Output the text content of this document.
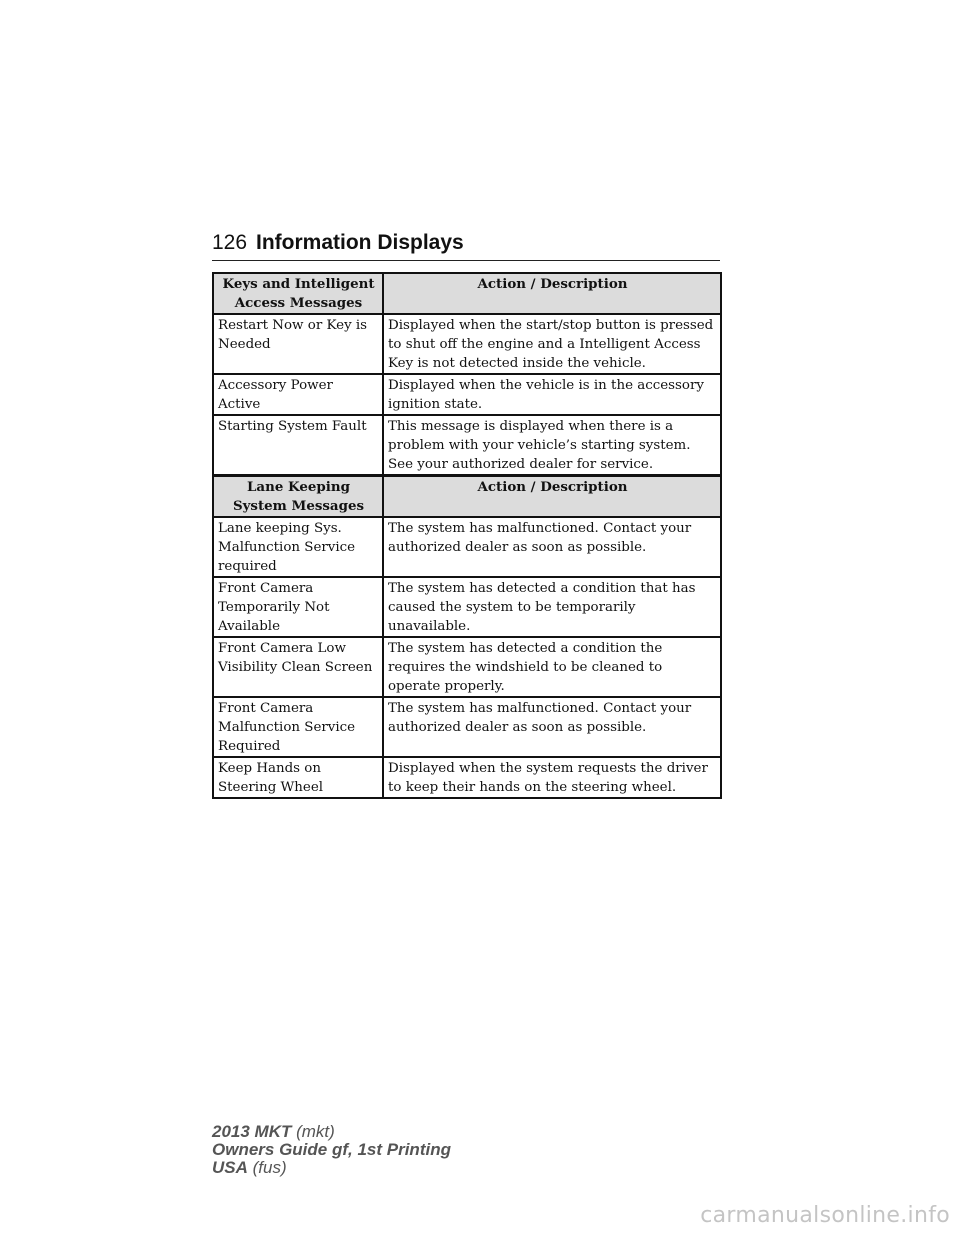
126 Information Displays
Keys and Intelligent Access Messages	Action / Description
Restart Now or Key is Needed	Displayed when the start/stop button is pressed to shut off the engine and a Intelligent Access Key is not detected inside the vehicle.
Accessory Power Active	Displayed when the vehicle is in the accessory ignition state.
Starting System Fault	This message is displayed when there is a problem with your vehicle’s starting system. See your authorized dealer for service.
Lane Keeping System Messages	Action / Description
Lane keeping Sys. Malfunction Service required	The system has malfunctioned. Contact your authorized dealer as soon as possible.
Front Camera Temporarily Not Available	The system has detected a condition that has caused the system to be temporarily unavailable.
Front Camera Low Visibility Clean Screen	The system has detected a condition the requires the windshield to be cleaned to operate properly.
Front Camera Malfunction Service Required	The system has malfunctioned. Contact your authorized dealer as soon as possible.
Keep Hands on Steering Wheel	Displayed when the system requests the driver to keep their hands on the steering wheel.
2013 MKT (mkt)
Owners Guide gf, 1st Printing
USA (fus)
carmanualsonline.info
